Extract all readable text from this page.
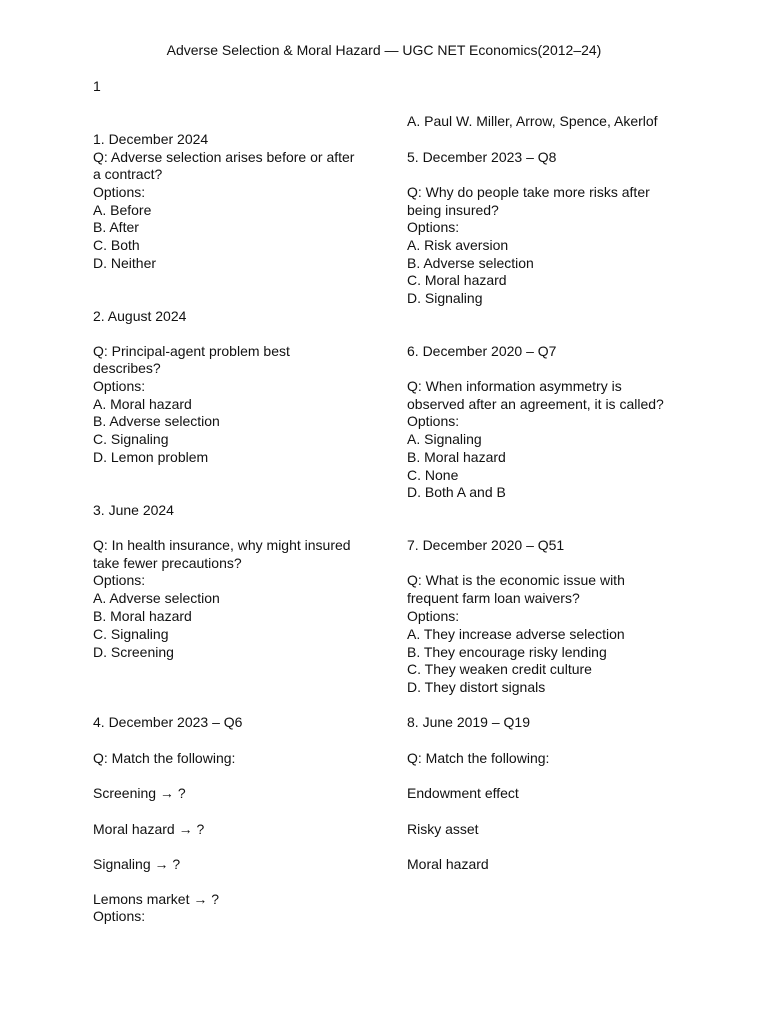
Adverse Selection & Moral Hazard — UGC NET Economics(2012–24)
1
1. December 2024
Q: Adverse selection arises before or after
a contract?
Options:
A. Before
B. After
C. Both
D. Neither
2. August 2024
Q: Principal-agent problem best
describes?
Options:
A. Moral hazard
B. Adverse selection
C. Signaling
D. Lemon problem
3. June 2024
Q: In health insurance, why might insured
take fewer precautions?
Options:
A. Adverse selection
B. Moral hazard
C. Signaling
D. Screening
4. December 2023 – Q6
Q: Match the following:
Screening → ?
Moral hazard → ?
Signaling → ?
Lemons market → ?
Options:
A. Paul W. Miller, Arrow, Spence, Akerlof
5. December 2023 – Q8
Q: Why do people take more risks after
being insured?
Options:
A. Risk aversion
B. Adverse selection
C. Moral hazard
D. Signaling
6. December 2020 – Q7
Q: When information asymmetry is
observed after an agreement, it is called?
Options:
A. Signaling
B. Moral hazard
C. None
D. Both A and B
7. December 2020 – Q51
Q: What is the economic issue with
frequent farm loan waivers?
Options:
A. They increase adverse selection
B. They encourage risky lending
C. They weaken credit culture
D. They distort signals
8. June 2019 – Q19
Q: Match the following:
Endowment effect
Risky asset
Moral hazard
